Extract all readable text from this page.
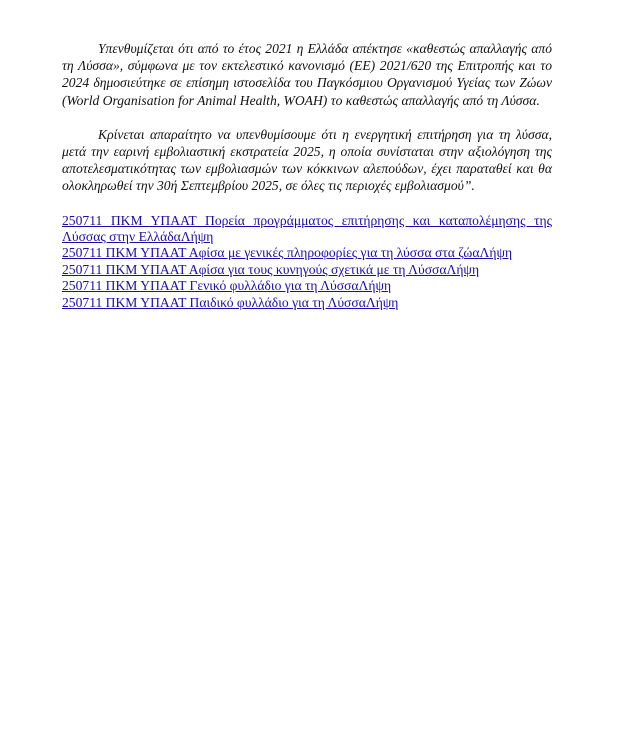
Υπενθυμίζεται ότι από το έτος 2021 η Ελλάδα απέκτησε «καθεστώς απαλλαγής από τη Λύσσα», σύμφωνα με τον εκτελεστικό κανονισμό (ΕΕ) 2021/620 της Επιτροπής και το 2024 δημοσιεύτηκε σε επίσημη ιστοσελίδα του Παγκόσμιου Οργανισμού Υγείας των Ζώων (World Organisation for Animal Health, WOAH) το καθεστώς απαλλαγής από τη Λύσσα.

Κρίνεται απαραίτητο να υπενθυμίσουμε ότι η ενεργητική επιτήρηση για τη λύσσα, μετά την εαρινή εμβολιαστική εκστρατεία 2025, η οποία συνίσταται στην αξιολόγηση της αποτελεσματικότητας των εμβολιασμών των κόκκινων αλεπούδων, έχει παραταθεί και θα ολοκληρωθεί την 30ή Σεπτεμβρίου 2025, σε όλες τις περιοχές εμβολιασμού”.

250711 ΠΚΜ ΥΠΑΑΤ Πορεία προγράμματος επιτήρησης και καταπολέμησης της Λύσσας στην ΕλλάδαΛήψη
250711 ΠΚΜ ΥΠΑΑΤ Αφίσα με γενικές πληροφορίες για τη λύσσα στα ζώαΛήψη
250711 ΠΚΜ ΥΠΑΑΤ Αφίσα για τους κυνηγούς σχετικά με τη ΛύσσαΛήψη
250711 ΠΚΜ ΥΠΑΑΤ Γενικό φυλλάδιο για τη ΛύσσαΛήψη
250711 ΠΚΜ ΥΠΑΑΤ Παιδικό φυλλάδιο για τη ΛύσσαΛήψη
